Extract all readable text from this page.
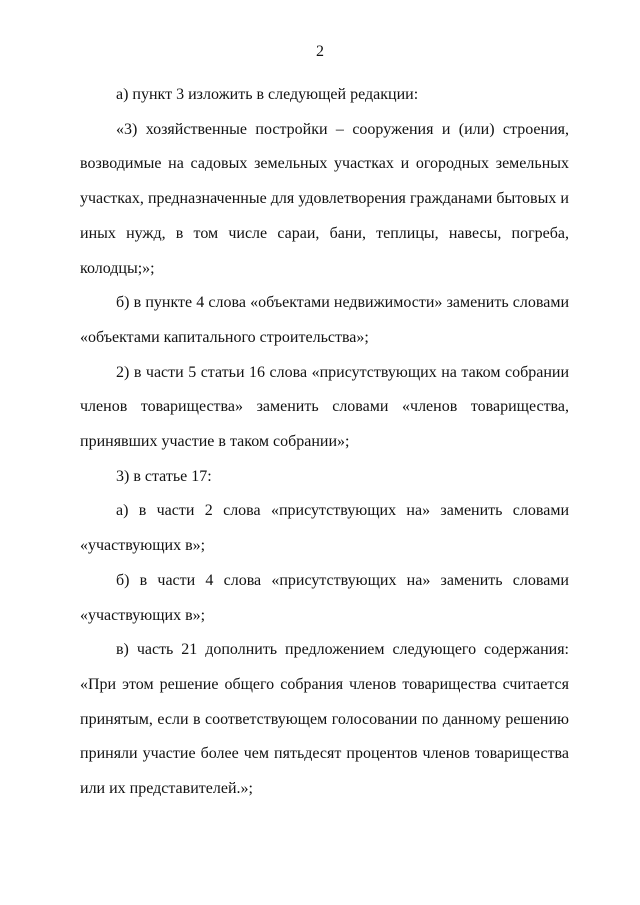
2

а) пункт 3 изложить в следующей редакции:

«3) хозяйственные постройки – сооружения и (или) строения, возводимые на садовых земельных участках и огородных земельных участках, предназначенные для удовлетворения гражданами бытовых и иных нужд, в том числе сараи, бани, теплицы, навесы, погреба, колодцы;»;

б) в пункте 4 слова «объектами недвижимости» заменить словами «объектами капитального строительства»;

2) в части 5 статьи 16 слова «присутствующих на таком собрании членов товарищества» заменить словами «членов товарищества, принявших участие в таком собрании»;

3) в статье 17:

а) в части 2 слова «присутствующих на» заменить словами «участвующих в»;

б) в части 4 слова «присутствующих на» заменить словами «участвующих в»;

в) часть 21 дополнить предложением следующего содержания: «При этом решение общего собрания членов товарищества считается принятым, если в соответствующем голосовании по данному решению приняли участие более чем пятьдесят процентов членов товарищества или их представителей.»;
